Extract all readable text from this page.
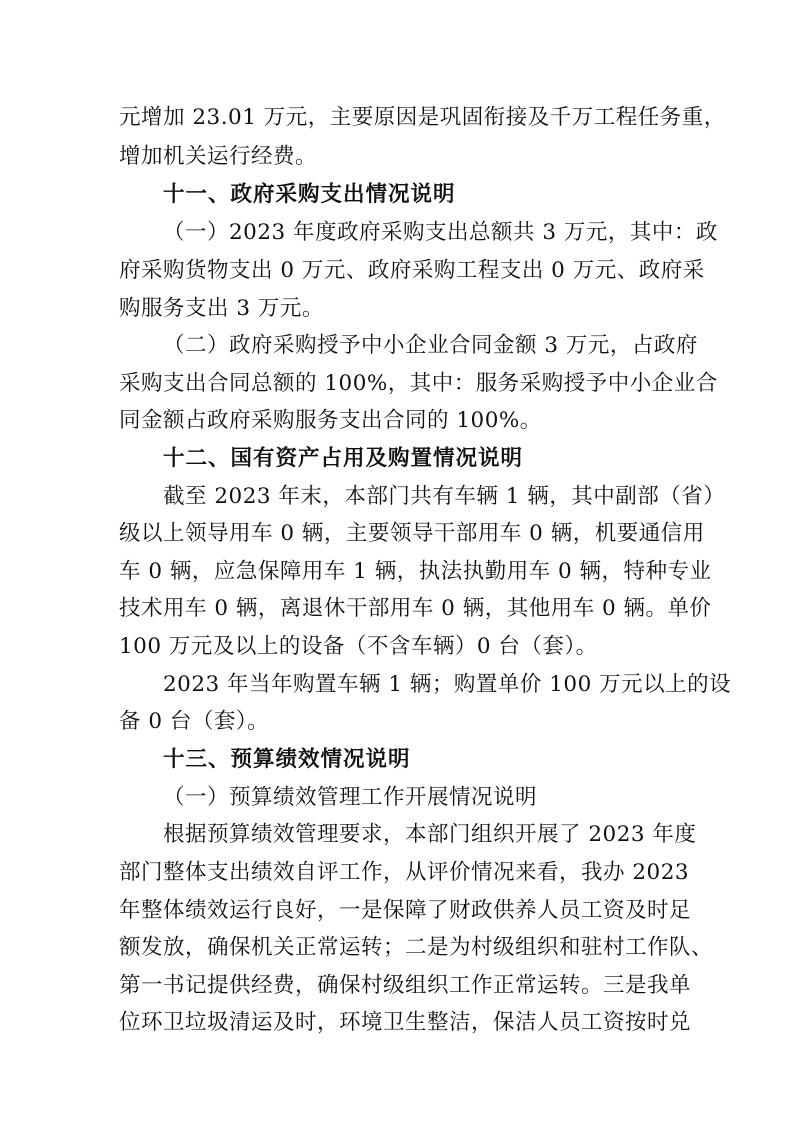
元增加 23.01 万元，主要原因是巩固衔接及千万工程任务重，
增加机关运行经费。
十一、政府采购支出情况说明
（一）2023 年度政府采购支出总额共 3 万元，其中：政
府采购货物支出 0 万元、政府采购工程支出 0 万元、政府采
购服务支出 3 万元。
（二）政府采购授予中小企业合同金额 3 万元，占政府
采购支出合同总额的 100%，其中：服务采购授予中小企业合
同金额占政府采购服务支出合同的 100%。
十二、国有资产占用及购置情况说明
截至 2023 年末，本部门共有车辆 1 辆，其中副部（省）
级以上领导用车 0 辆，主要领导干部用车 0 辆，机要通信用
车 0 辆，应急保障用车 1 辆，执法执勤用车 0 辆，特种专业
技术用车 0 辆，离退休干部用车 0 辆，其他用车 0 辆。单价
100 万元及以上的设备（不含车辆）0 台（套）。
2023 年当年购置车辆 1 辆；购置单价 100 万元以上的设
备 0 台（套）。
十三、预算绩效情况说明
（一）预算绩效管理工作开展情况说明
根据预算绩效管理要求，本部门组织开展了 2023 年度
部门整体支出绩效自评工作，从评价情况来看，我办 2023
年整体绩效运行良好，一是保障了财政供养人员工资及时足
额发放，确保机关正常运转；二是为村级组织和驻村工作队、
第一书记提供经费，确保村级组织工作正常运转。三是我单
位环卫垃圾清运及时，环境卫生整洁，保洁人员工资按时兑
